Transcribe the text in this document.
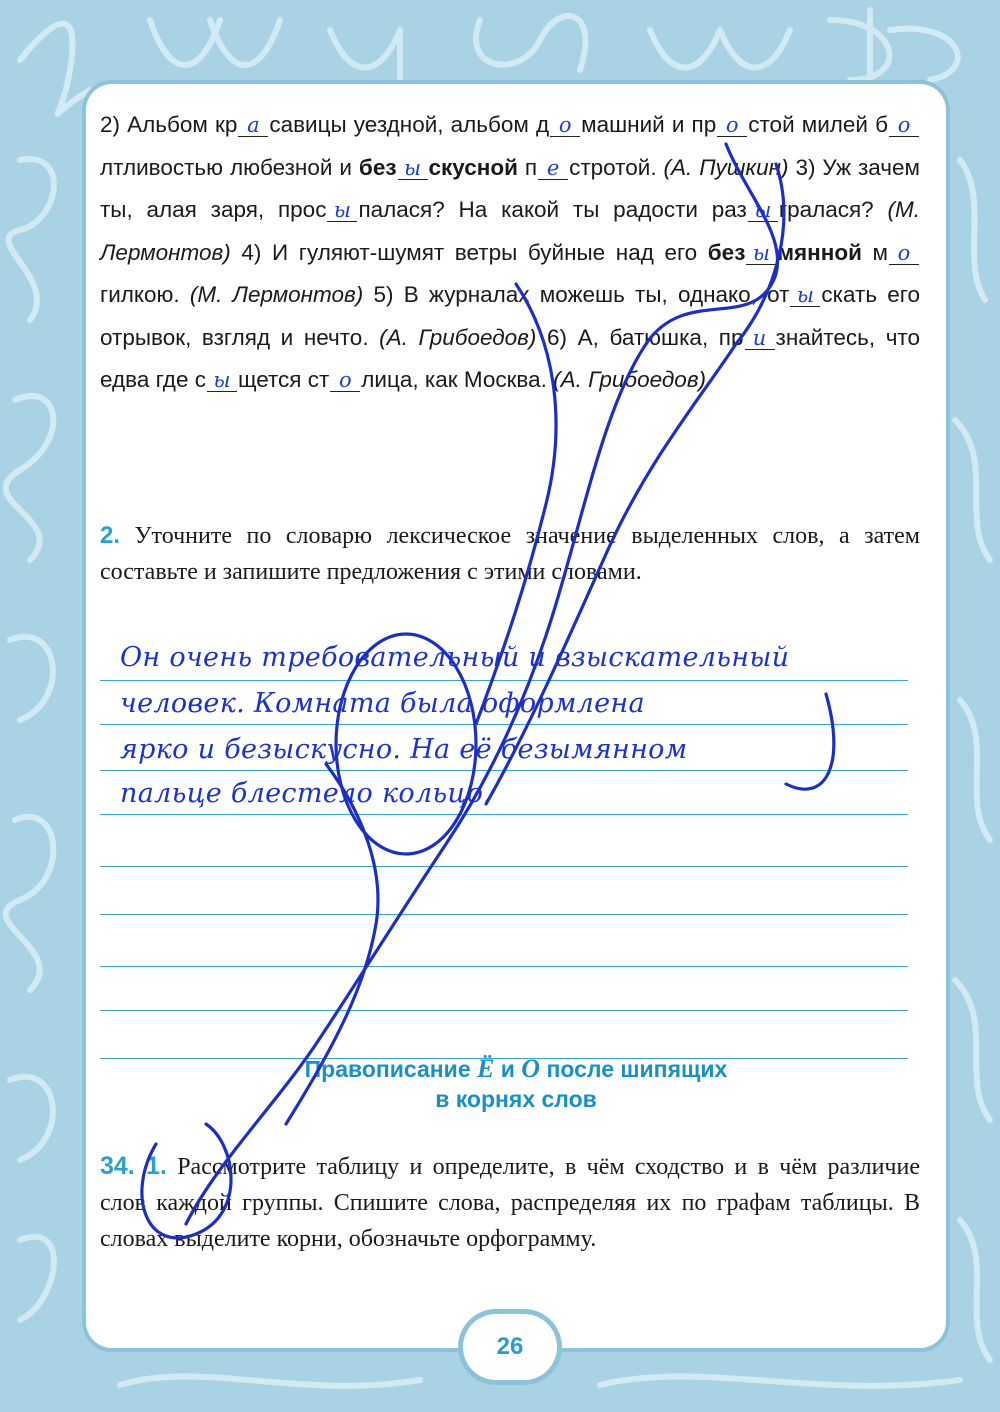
2) Альбом кр а савицы уездной, альбом д о машний и пр о стой милей б олтливостью любезной и без ы скусной п е стротой. (А. Пушкин) 3) Уж зачем ты, алая заря, прос ы палася? На какой ты радости раз ы гралася? (М. Лермонтов) 4) И гуляют-шумят ветры буйные над его без ы мянной м огилкою. (М. Лермонтов) 5) В журналах можешь ты, однако, от ы скать его отрывок, взгляд и нечто. (А. Грибоедов) 6) А, батюшка, пр и знайтесь, что едва где с ы щется ст о лица, как Москва. (А. Грибоедов)
2. Уточните по словарю лексическое значение выделенных слов, а затем составьте и запишите предложения с этими словами.
Он очень требовательный и взыскательный
человек. Комната была оформлена
ярко и безыскусно. На её безымянном
пальце блестело кольцо.
Правописание Ё и О после шипящих
в корнях слов
34. 1. Рассмотрите таблицу и определите, в чём сходство и в чём различие слов каждой группы. Спишите слова, распределяя их по графам таблицы. В словах выделите корни, обозначьте орфограмму.
26
